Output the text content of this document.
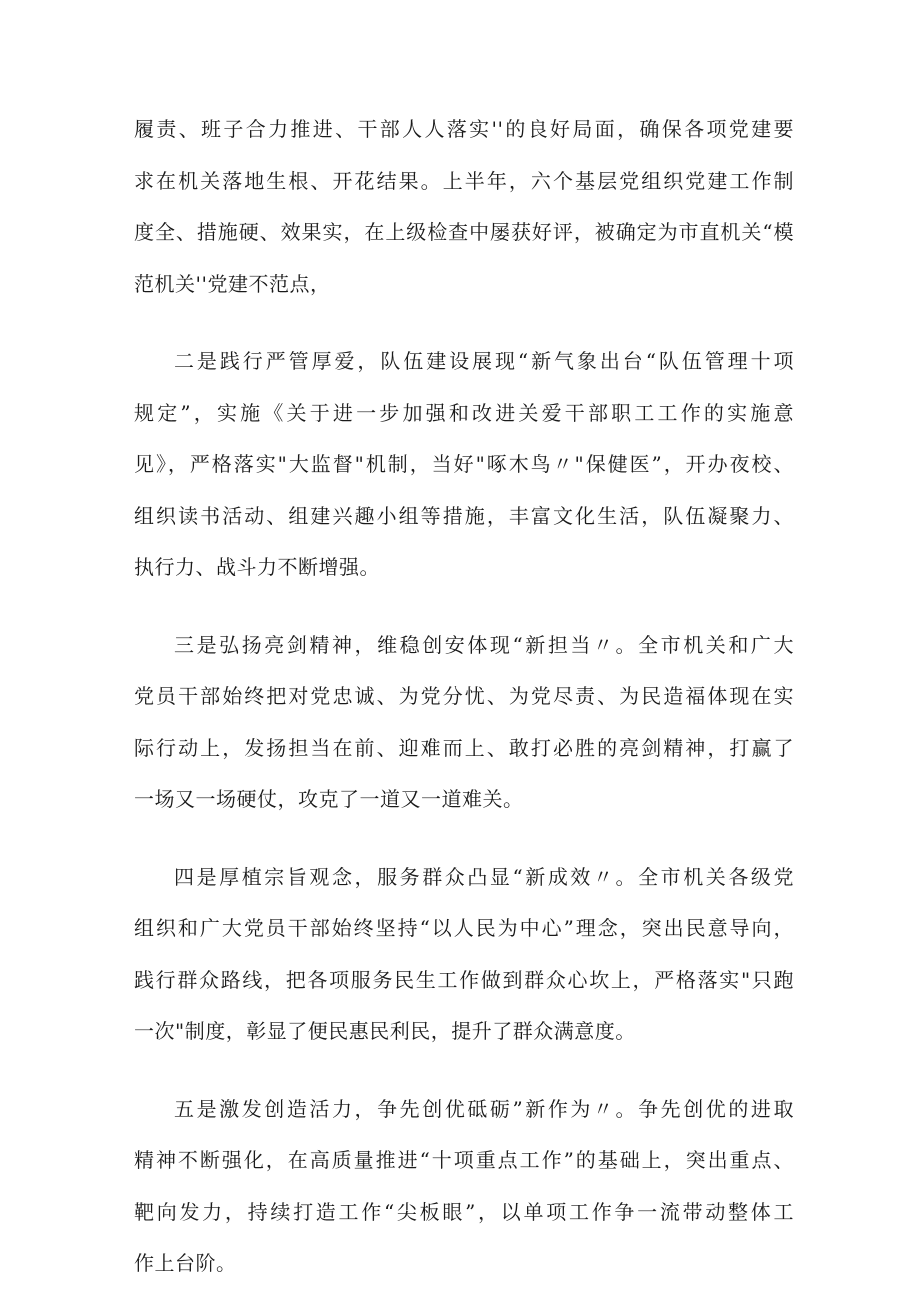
履责、班子合力推进、干部人人落实''的良好局面，确保各项党建要
求在机关落地生根、开花结果。上半年，六个基层党组织党建工作制
度全、措施硬、效果实，在上级检查中屡获好评，被确定为市直机关“模
范机关''党建不范点，

二是践行严管厚爱，队伍建设展现“新气象出台“队伍管理十项
规定”，实施《关于进一步加强和改进关爱干部职工工作的实施意
见》，严格落实"大监督"机制，当好"啄木鸟〃"保健医”，开办夜校、
组织读书活动、组建兴趣小组等措施，丰富文化生活，队伍凝聚力、
执行力、战斗力不断增强。

三是弘扬亮剑精神，维稳创安体现“新担当〃。全市机关和广大
党员干部始终把对党忠诚、为党分忧、为党尽责、为民造福体现在实
际行动上，发扬担当在前、迎难而上、敢打必胜的亮剑精神，打赢了
一场又一场硬仗，攻克了一道又一道难关。

四是厚植宗旨观念，服务群众凸显“新成效〃。全市机关各级党
组织和广大党员干部始终坚持“以人民为中心”理念，突出民意导向，
践行群众路线，把各项服务民生工作做到群众心坎上，严格落实"只跑
一次"制度，彰显了便民惠民利民，提升了群众满意度。

五是激发创造活力，争先创优砥砺”新作为〃。争先创优的进取
精神不断强化，在高质量推进“十项重点工作”的基础上，突出重点、
靶向发力，持续打造工作“尖板眼”，以单项工作争一流带动整体工
作上台阶。
